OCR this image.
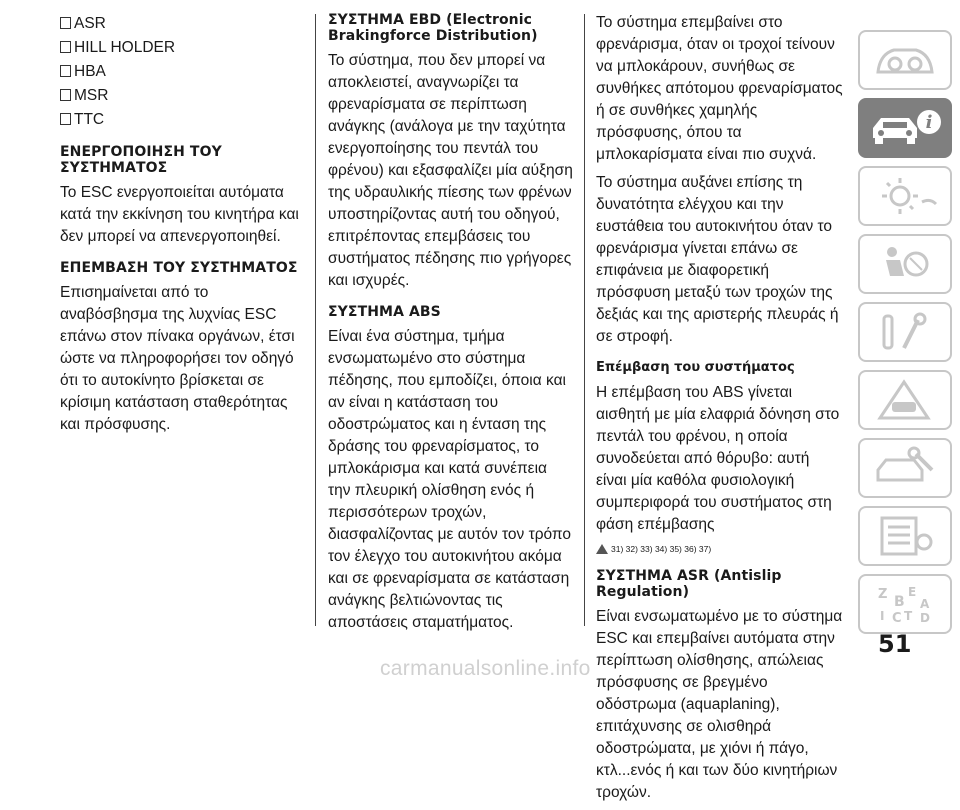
ASR
HILL HOLDER
HBA
MSR
TTC
ΕΝΕΡΓΟΠΟΙΗΣΗ ΤΟΥ ΣΥΣΤΗΜΑΤΟΣ

Το ESC ενεργοποιείται αυτόματα κατά την εκκίνηση του κινητήρα και δεν μπορεί να απενεργοποιηθεί.

ΕΠΕΜΒΑΣΗ ΤΟΥ ΣΥΣΤΗΜΑΤΟΣ

Επισημαίνεται από το αναβόσβησμα της λυχνίας ESC επάνω στον πίνακα οργάνων, έτσι ώστε να πληροφορήσει τον οδηγό ότι το αυτοκίνητο βρίσκεται σε κρίσιμη κατάσταση σταθερότητας και πρόσφυσης.

ΣΥΣΤΗΜΑ EBD (Electronic Brakingforce Distribution)

Το σύστημα, που δεν μπορεί να αποκλειστεί, αναγνωρίζει τα φρεναρίσματα σε περίπτωση ανάγκης (ανάλογα με την ταχύτητα ενεργοποίησης του πεντάλ του φρένου) και εξασφαλίζει μία αύξηση της υδραυλικής πίεσης των φρένων υποστηρίζοντας αυτή του οδηγού, επιτρέποντας επεμβάσεις του συστήματος πέδησης πιο γρήγορες και ισχυρές.

ΣΥΣΤΗΜΑ ABS

Είναι ένα σύστημα, τμήμα ενσωματωμένο στο σύστημα πέδησης, που εμποδίζει, όποια και αν είναι η κατάσταση του οδοστρώματος και η ένταση της δράσης του φρεναρίσματος, το μπλοκάρισμα και κατά συνέπεια την πλευρική ολίσθηση ενός ή περισσότερων τροχών, διασφαλίζοντας με αυτόν τον τρόπο τον έλεγχο του αυτοκινήτου ακόμα και σε φρεναρίσματα σε κατάσταση ανάγκης βελτιώνοντας τις αποστάσεις σταματήματος.

Το σύστημα επεμβαίνει στο φρενάρισμα, όταν οι τροχοί τείνουν να μπλοκάρουν, συνήθως σε συνθήκες απότομου φρεναρίσματος ή σε συνθήκες χαμηλής πρόσφυσης, όπου τα μπλοκαρίσματα είναι πιο συχνά.

Το σύστημα αυξάνει επίσης τη δυνατότητα ελέγχου και την ευστάθεια του αυτοκινήτου όταν το φρενάρισμα γίνεται επάνω σε επιφάνεια με διαφορετική πρόσφυση μεταξύ των τροχών της δεξιάς και της αριστερής πλευράς ή σε στροφή.

Επέμβαση του συστήματος

Η επέμβαση του ABS γίνεται αισθητή με μία ελαφριά δόνηση στο πεντάλ του φρένου, η οποία συνοδεύεται από θόρυβο: αυτή είναι μία καθόλα φυσιολογική συμπεριφορά του συστήματος στη φάση επέμβασης

31) 32) 33) 34) 35) 36) 37)
ΣΥΣΤΗΜΑ ASR (Antislip Regulation)

Είναι ενσωματωμένο με το σύστημα ESC και επεμβαίνει αυτόματα στην περίπτωση ολίσθησης, απώλειας πρόσφυσης σε βρεγμένο οδόστρωμα (aquaplaning), επιτάχυνσης σε ολισθηρά οδοστρώματα, με χιόνι ή πάγο, κτλ...ενός ή και των δύο κινητήριων τροχών.

i
Z E
B A
I C T D
51
carmanualsonline.info
